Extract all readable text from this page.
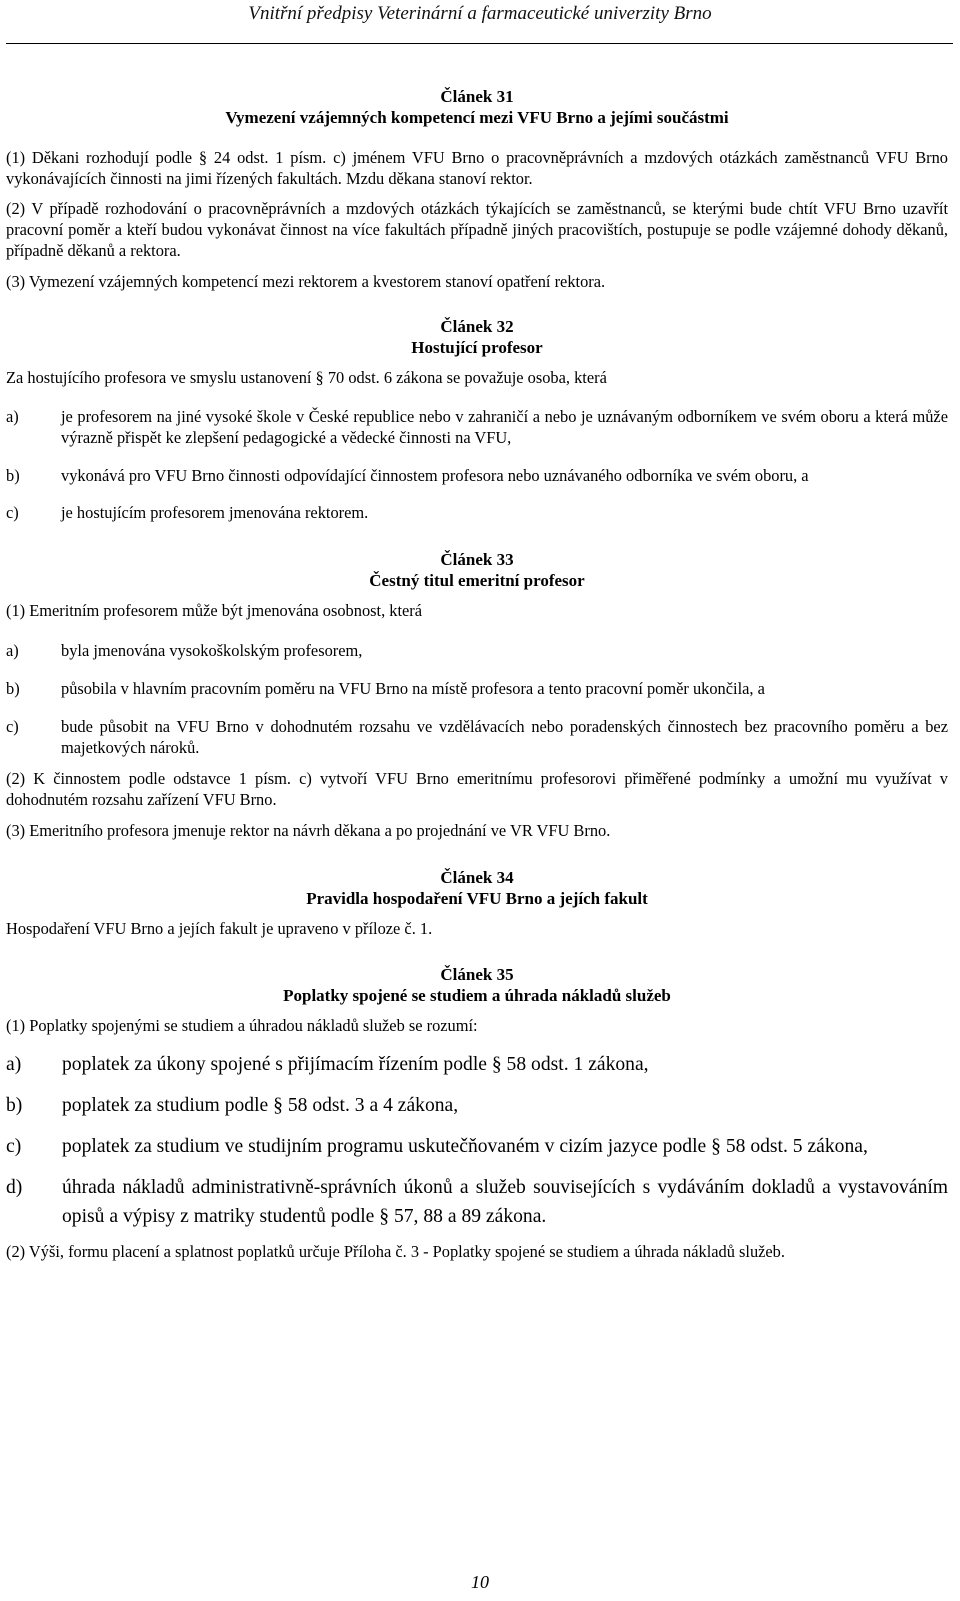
Vnitřní předpisy Veterinární a farmaceutické univerzity Brno
Článek 31
Vymezení vzájemných kompetencí mezi VFU Brno a jejími součástmi

(1) Děkani rozhodují podle § 24 odst. 1 písm. c) jménem VFU Brno o pracovněprávních a mzdových otázkách zaměstnanců VFU Brno vykonávajících činnosti na jimi řízených fakultách. Mzdu děkana stanoví rektor.

(2) V případě rozhodování o pracovněprávních a mzdových otázkách týkajících se zaměstnanců, se kterými bude chtít VFU Brno uzavřít pracovní poměr a kteří budou vykonávat činnost na více fakultách případně jiných pracovištích, postupuje se podle vzájemné dohody děkanů, případně děkanů a rektora.

(3) Vymezení vzájemných kompetencí mezi rektorem a kvestorem stanoví opatření rektora.

Článek 32
Hostující profesor

Za hostujícího profesora ve smyslu ustanovení § 70 odst. 6 zákona se považuje osoba, která

a)	je profesorem na jiné vysoké škole v České republice nebo v zahraničí a nebo je uznávaným odborníkem ve svém oboru a která může výrazně přispět ke zlepšení pedagogické a vědecké činnosti na VFU,
b)	vykonává pro VFU Brno činnosti odpovídající činnostem profesora nebo uznávaného odborníka ve svém oboru, a
c)	je hostujícím profesorem jmenována rektorem.
Článek 33
Čestný titul emeritní profesor

(1) Emeritním profesorem může být jmenována osobnost, která

a)	byla jmenována vysokoškolským profesorem,
b)	působila v hlavním pracovním poměru na VFU Brno na místě profesora a tento pracovní poměr ukončila, a
c)	bude působit na VFU Brno v dohodnutém rozsahu ve vzdělávacích nebo poradenských činnostech bez pracovního poměru a bez majetkových nároků.

(2) K činnostem podle odstavce 1 písm. c) vytvoří VFU Brno emeritnímu profesorovi přiměřené podmínky a umožní mu využívat v dohodnutém rozsahu zařízení VFU Brno.

(3) Emeritního profesora jmenuje rektor na návrh děkana a po projednání ve VR VFU Brno.

Článek 34
Pravidla hospodaření VFU Brno a jejích fakult

Hospodaření VFU Brno a jejích fakult je upraveno v příloze č. 1.

Článek 35
Poplatky spojené se studiem a úhrada nákladů služeb

(1) Poplatky spojenými se studiem a úhradou nákladů služeb se rozumí:

a)	poplatek za úkony spojené s přijímacím řízením podle § 58 odst. 1 zákona,
b)	poplatek za studium podle § 58 odst. 3 a 4 zákona,
c)	poplatek za studium ve studijním programu uskutečňovaném v cizím jazyce podle § 58 odst. 5 zákona,
d)	úhrada nákladů administrativně-správních úkonů a služeb souvisejících s vydáváním dokladů a vystavováním opisů a výpisy z matriky studentů podle § 57, 88 a 89 zákona.

(2) Výši, formu placení a splatnost poplatků určuje Příloha č. 3 - Poplatky spojené se studiem a úhrada nákladů služeb.

10
